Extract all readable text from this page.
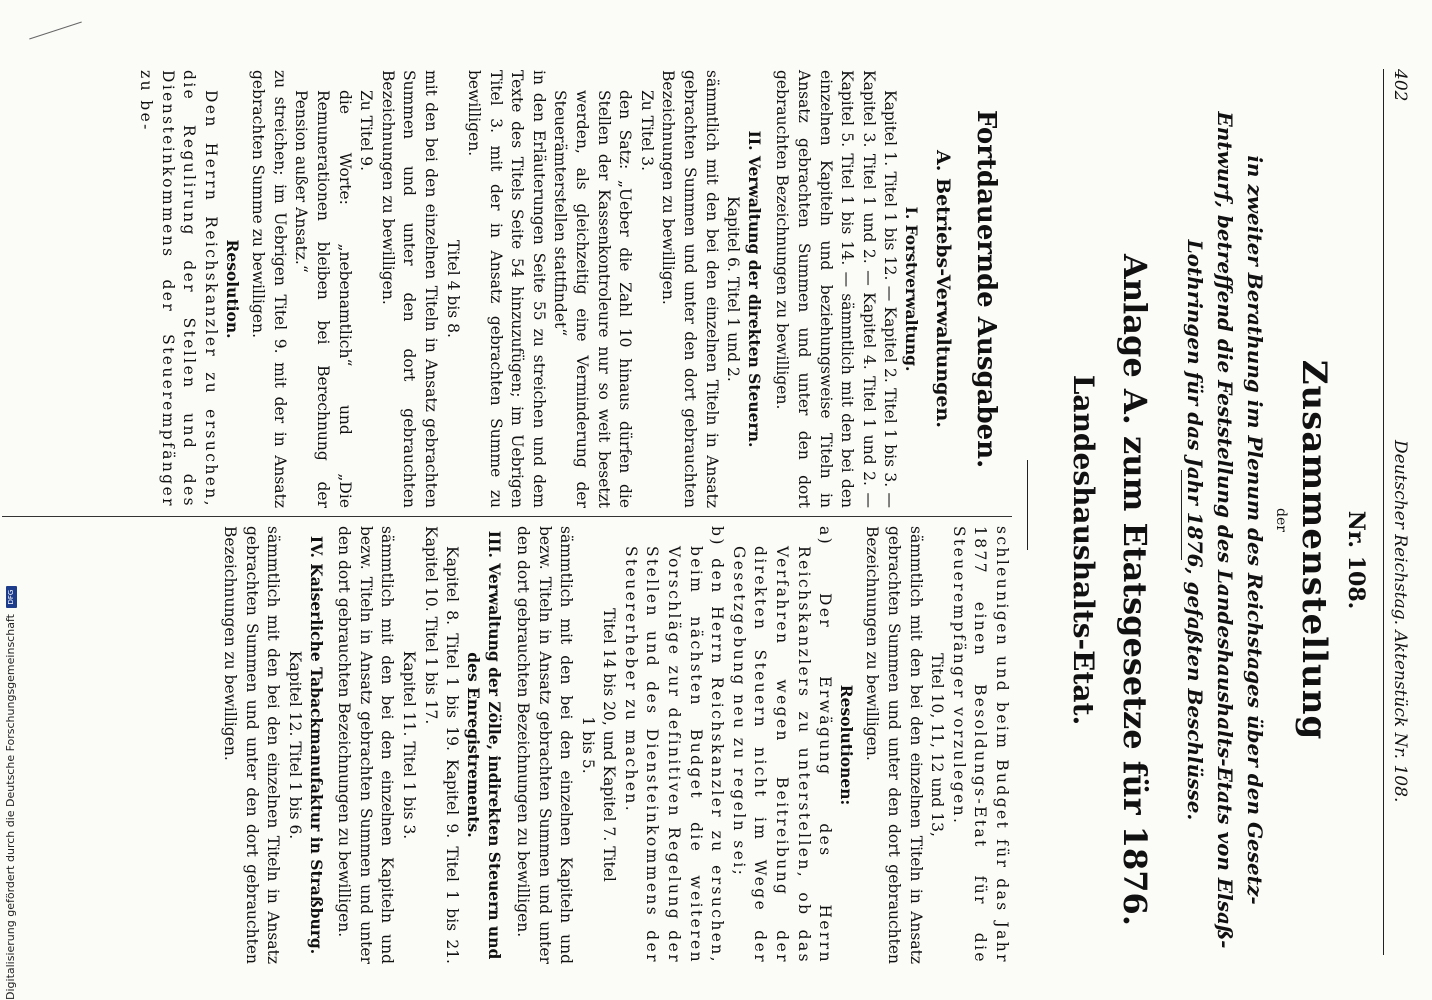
402
Deutscher Reichstag. Aktenstück Nr. 108.
Nr. 108.
Zusammenstellung
der
in zweiter Berathung im Plenum des Reichstages über den Gesetz-Entwurf, betreffend die Feststellung des Landeshaushalts-Etats von Elsaß-Lothringen für das Jahr 1876, gefaßten Beschlüsse.
Anlage A. zum Etatsgesetze für 1876.
Landeshaushalts-Etat.

Fortdauernde Ausgaben.

A. Betriebs-Verwaltungen.

I. Forstverwaltung.

Kapitel 1. Titel 1 bis 12. — Kapitel 2. Titel 1 bis 3. — Kapitel 3. Titel 1 und 2. — Kapitel 4. Titel 1 und 2. — Kapitel 5. Titel 1 bis 14. — sämmtlich mit den bei den einzelnen Kapiteln und beziehungsweise Titeln in Ansatz gebrachten Summen und unter den dort gebrauchten Bezeichnungen zu bewilligen.

II. Verwaltung der direkten Steuern.

Kapitel 6. Titel 1 und 2.

sämmtlich mit den bei den einzelnen Titeln in Ansatz gebrachten Summen und unter den dort gebrauchten Bezeichnungen zu bewilligen.

Zu Titel 3.

den Satz: „Ueber die Zahl 10 hinaus dürfen die Stellen der Kassenkontroleure nur so weit besetzt werden, als gleichzeitig eine Verminderung der Steuerämterstellen stattfindet“

in den Erläuterungen Seite 55 zu streichen und dem Texte des Titels Seite 54 hinzuzufügen; im Uebrigen Titel 3. mit der in Ansatz gebrachten Summe zu bewilligen.

Titel 4 bis 8.

mit den bei den einzelnen Titeln in Ansatz gebrachten Summen und unter den dort gebrauchten Bezeichnungen zu bewilligen.

Zu Titel 9.

die Worte: „nebenamtlich“ und „Die Remunerationen bleiben bei Berechnung der Pension außer Ansatz.“

zu streichen; im Uebrigen Titel 9. mit der in Ansatz gebrachten Summe zu bewilligen.

Resolution.

Den Herrn Reichskanzler zu ersuchen, die Regulirung der Stellen und des Diensteinkommens der Steuerempfänger zu be-

schleunigen und beim Budget für das Jahr 1877 einen Besoldungs-Etat für die Steuerempfänger vorzulegen.

Titel 10, 11, 12 und 13,

sämmtlich mit den bei den einzelnen Titeln in Ansatz gebrachten Summen und unter den dort gebrauchten Bezeichnungen zu bewilligen.

Resolutionen:

a) Der Erwägung des Herrn Reichskanzlers zu unterstellen, ob das Verfahren wegen Beitreibung der direkten Steuern nicht im Wege der Gesetzgebung neu zu regeln sei;

b) den Herrn Reichskanzler zu ersuchen, beim nächsten Budget die weiteren Vorschläge zur definitiven Regelung der Stellen und des Diensteinkommens der Steuererheber zu machen.

Titel 14 bis 20, und Kapitel 7. Titel 1 bis 5.

sämmtlich mit den bei den einzelnen Kapiteln und bezw. Titeln in Ansatz gebrachten Summen und unter den dort gebrauchten Bezeichnungen zu bewilligen.

III. Verwaltung der Zölle, indirekten Steuern und des Enregistrements.

Kapitel 8. Titel 1 bis 19. Kapitel 9. Titel 1 bis 21. Kapitel 10. Titel 1 bis 17.

Kapitel 11. Titel 1 bis 3.

sämmtlich mit den bei den einzelnen Kapiteln und bezw. Titeln in Ansatz gebrachten Summen und unter den dort gebrauchten Bezeichnungen zu bewilligen.

IV. Kaiserliche Tabackmanufaktur in Straßburg.

Kapitel 12. Titel 1 bis 6.

sämmtlich mit den bei den einzelnen Titeln in Ansatz gebrachten Summen und unter den dort gebrauchten Bezeichnungen zu bewilligen.

Digitalisierung gefördert durch die Deutsche ForschungsgemeinschaftDFG
